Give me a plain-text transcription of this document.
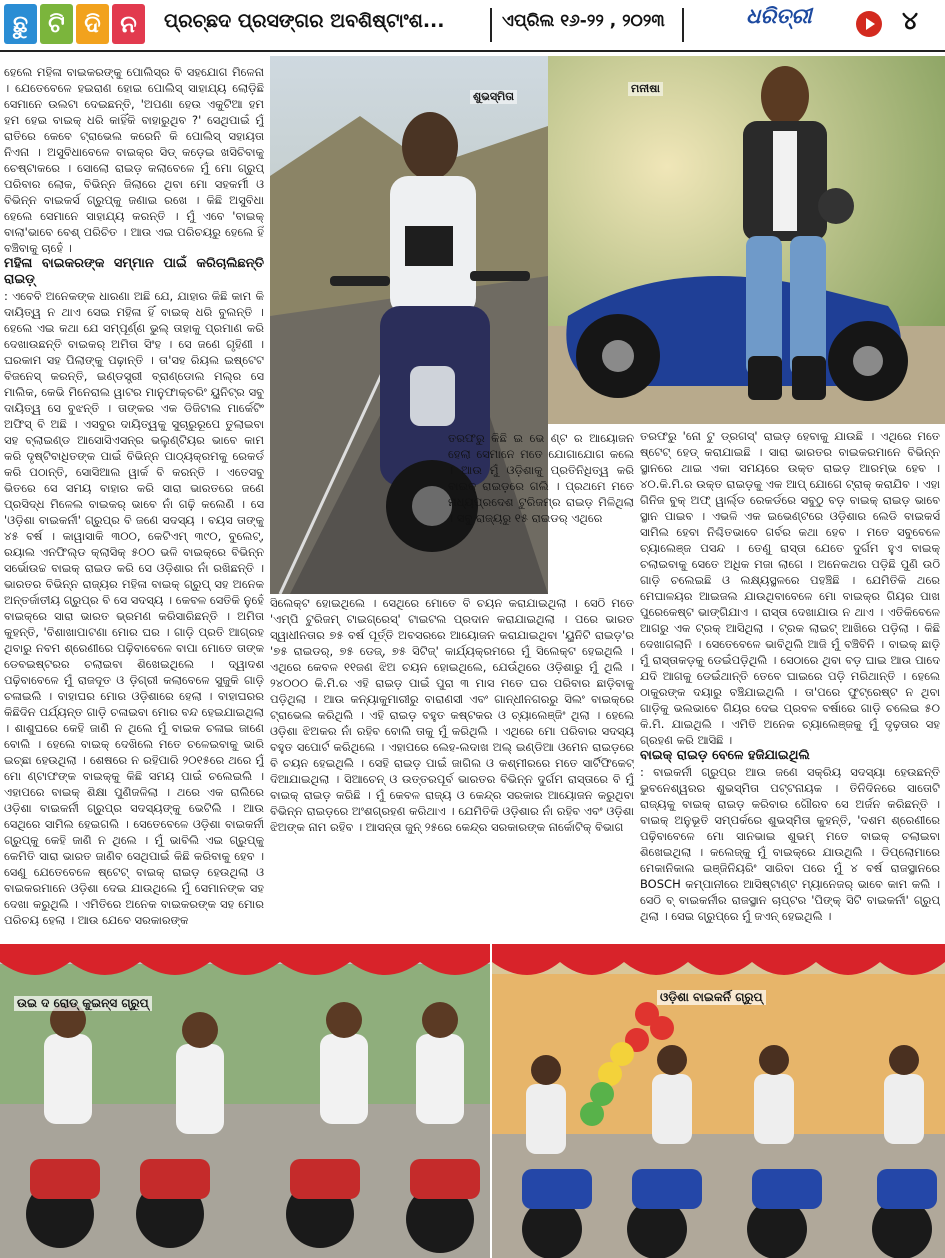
ଛୁ ଟି ଦି ନ	ପ୍ରଚ୍ଛଦ ପ୍ରସଙ୍ଗର ଅବଶିଷ୍ଟାଂଶ...	ଏପ୍ରିଲ ୧୬-୨୨ , ୨୦୨୩	ଧରିତ୍ରୀ	୪

ହେଲେ ମହିଳା ବାଇକରଙ୍କୁ ପୋଲିସ୍ର ବି ସହଯୋଗ ମିଳେନା । ଯେତେବେଳେ ହଇରାଣ ହୋଇ ପୋଲିସ୍ ସାହାଯ୍ୟ ଲୋଡ଼ିଛି ସେମାନେ ଉଲଟା ଦେଇଛନ୍ତି, 'ଅପଣା ହେଉ ଏକୁଟିଆ ହମ ହମ ହେଇ ବାଇକ୍ ଧରି କାହିଁକି ବାହାରୁଥିବ ?' ସେଥିପାଇଁ ମୁଁ ରାତିରେ କେବେ ଟ୍ରାଭେଲ କରେନି କି ପୋଲିସ୍ ସହାୟତା ନିଏନା । ଅସୁବିଧାବେଳେ ବାଇକ୍ର ସିଡ୍ କଡ଼େଇ ଖସିଚିବାକୁ ଚେଷ୍ଟାକରେ । ସୋଲୋ ରାଇଡ଼ କଲାବେଳେ ମୁଁ ମୋ ଗ୍ରୁପ୍ ପରିବାର ଲୋକ, ବିଭିନ୍ନ ଜିଲାରେ ଥିବା ମୋ ସହକର୍ମୀ ଓ ବିଭିନ୍ନ ବାଇକର୍ସ ଗ୍ରୁପ୍କୁ ଜଣାଇ ରଖେ । କିଛି ଅସୁବିଧା ହେଲେ ସେମାନେ ସାହାଯ୍ୟ କରନ୍ତି । ମୁଁ ଏବେ 'ବାଇକ୍ ବାଲା'ଭାବେ ବେଶ୍ ପରିଚିତ । ଆଉ ଏଇ ପରିଚୟରୁ ହେଲେ ହିଁ ବଞ୍ଚିବାକୁ ଚାହେଁ ।

ମହିଳା ବାଇକରଙ୍କ ସମ୍ମାନ ପାଇଁ କରିଚାଲିଛନ୍ତି ରାଇଡ଼୍

: ଏବେବି ଅନେକଙ୍କ ଧାରଣା ଅଛି ଯେ, ଯାହାର କିଛି କାମ କି ଦାୟିତ୍ୱ ନ ଥାଏ ସେଇ ମହିଳା ହିଁ ବାଇକ୍ ଧରି ବୁଲନ୍ତି । ହେଲେ ଏଇ କଥା ଯେ ସମ୍ପୂର୍ଣ୍ଣ ଭୁଲ୍ ତାହାକୁ ପ୍ରମାଣ କରି ଦେଖାଉଛନ୍ତି ବାଇକର୍ ଅମିତା ସିଂହ । ସେ ଜଣେ ଗୃହିଣୀ । ଘରକାମ ସହ ପିଲାଙ୍କୁ ପଢ଼ାନ୍ତି । ତା'ସହ ରିୟଲ ଇଷ୍ଟେଟ ବିଜନେସ୍ କରନ୍ତି, ଇଣ୍ଡସ୍ତ୍ରୀ ବ୍ରାଣ୍ଡୋଲ ମଲ୍ର ସେ ମାଲିକ, କେଭି ମିନେରାଲ ୱାଟର ମାନୁଫାକ୍ଚରିଂ ୟୁନିଟ୍ର ସବୁ ଦାୟିତ୍ୱ ସେ ବୁଝନ୍ତି । ତାଙ୍କର ଏକ ଡିଜିଟାଲ ମାର୍କେଟିଂ ଅଫିସ୍ ବି ଅଛି । ଏସବୁର ଦାୟିତ୍ୱକୁ ସୁଚାରୁରୂପେ ତୁଲାଇବା ସହ ବ୍ଲାଇଣ୍ଡ ଆସୋସିଏସନ୍ର ଭଲୁଣ୍ଟିୟର ଭାବେ କାମ କରି ଦୃଷ୍ଟିବାଧିତଙ୍କ ପାଇଁ ବିଭିନ୍ନ ପାଠ୍ୟକ୍ରମକୁ ରେକର୍ଡ କରି ପଠାନ୍ତି, ସୋସିଆଲ ୱାର୍କ ବି କରନ୍ତି । ଏତେସବୁ ଭିତରେ ସେ ସମୟ ବାହାର କରି ସାରା ଭାରତରେ ଜଣେ ପ୍ରସିଦ୍ଧ ମିଳେଲ ବାଇକର୍ ଭାବେ ନାଁ ଗଢ଼ି କଲେଣି । ସେ 'ଓଡ଼ିଶା ବାଇକର୍ନୀ' ଗ୍ରୁପ୍ର ବି ଜଣେ ସଦସ୍ୟ । ବୟସ ତାଙ୍କୁ ୪୫ ବର୍ଷ । କାୱାସାକି ୩୦୦, କେଟିଏମ୍ ୩୯୦, ବୁଲେଟ୍, ରୟାଲ ଏନଫିଲ୍ଡ କ୍ଲାସିକ୍ ୫୦୦ ଭଳି ବାଇକ୍ରେ ବିଭିନ୍ନ ସର୍ଭୋଉଚ୍ଚ ବାଇକ୍ ରାଇଡ କରି ସେ ଓଡ଼ିଶାର ନାଁ ରଖିଛନ୍ତି । ଭାରତର ବିଭିନ୍ନ ରାଜ୍ୟର ମହିଳା ବାଇକ୍ ଗ୍ରୁପ୍ ସହ ଅନେକ ଅନ୍ତର୍ଜାତୀୟ ଗ୍ରୁପ୍ର ବି ସେ ସଦସ୍ୟ । କେବଳ ସେତିକି ନୁହେଁ ବାଇକ୍ରେ ସାରା ଭାରତ ଭ୍ରମଣ କରିସାରିଛନ୍ତି । ଅମିତା କୁହନ୍ତି, 'ବିଶାଖାପାଟଣା ମୋର ଘର । ଗାଡ଼ି ପ୍ରତି ଆଗ୍ରହ ଥିବାରୁ ନବମ ଶ୍ରେଣୀରେ ପଢ଼ିବାବେଳେ ବାପା ମୋତେ ତାଙ୍କ ଡେବଇଷ୍ଟରର ଚଲାଇବା ଶିଖେଇଥିଲେ । ଦ୍ୱାଦଶ ପଢ଼ିବାବେଳେ ମୁଁ ରାଜଦୂତ ଓ ଡ଼ିଗ୍ରୀ କଲାବେଳେ ସୁଜୁକି ଗାଡ଼ି ଚଳାଇଲି । ବାହାଘର ମୋର ଓଡ଼ିଶାରେ ହେଲା । ବାହାଘରର କିଛିଦିନ ପର୍ଯ୍ୟନ୍ତ ଗାଡ଼ି ଚଳାଇବା ମୋର ବନ୍ଦ ହେଇଯାଇଥିଲା । ଶାଶୁଘରେ କେହି ଜାଣି ନ ଥିଲେ ମୁଁ ବାଇକ ଚଳାଇ ଜାଣେ ବୋଲି । ହେଲେ ବାଇକ୍ ଦେଖିଲେ ମତେ ଚଳେଇବାକୁ ଭାରି ଇଚ୍ଛା ହେଉଥିଲା । ଶେଷରେ ନ ରହିପାରି ୨୦୧୫ରେ ଥରେ ମୁଁ ମୋ ଣ୍ଟାଫଙ୍କ ବାଇକ୍କୁ କିଛି ସମୟ ପାଇଁ ଚଲେଇଲି । ଏହାପରେ ବାଇକ୍ ଶିକ୍ଷା ପୁଣିଜଳିଲା । ଥରେ ଏକ ରାଲିରେ ଓଡ଼ିଶା ବାଇକର୍ନୀ ଗ୍ରୁପ୍ର ସଦସ୍ୟଙ୍କୁ ଭେଟିଲି । ଆଉ ସେଥିରେ ସାମିଲ ହେଇଗଲି । ସେତେବେଳେ ଓଡ଼ିଶା ବାଇକର୍ନୀ ଗ୍ରୁପ୍କୁ କେହି ଜାଣି ନ ଥିଲେ । ମୁଁ ଭାବିଲି ଏଇ ଗ୍ରୁପ୍କୁ କେମିତି ସାରା ଭାରତ ଜାଣିବ ସେଥିପାଇଁ କିଛି କରିବାକୁ ହେବ । ସେଣୁ ଯେତେବେଳେ ଷ୍ଟେଟ୍ ବାଇକ୍ ରାଇଡ଼ ହେଉଥିଲା ଓ ବାଇକରମାନେ ଓଡ଼ିଶା ଦେଇ ଯାଉଥିଲେ ମୁଁ ସେମାନଙ୍କ ସହ ଦେଖା କରୁଥିଲି । ଏମିତିରେ ଅନେକ ବାଇକରଙ୍କ ସହ ମୋର ପରିଚୟ ହେଲା । ଆଉ ଯେବେ ସରକାରଙ୍କ

ଶୁଭସ୍ମିତା
ମନୀଷା

ତରଫରୁ କିଛି ଇ ଭେ ଣ୍ଟ ର ଆୟୋଜନ ହେଲା ସେମାନେ ମତେ ଯୋଗାଯୋଗ କଲେ । ଆଉ ମୁଁ ଓଡ଼ିଶାକୁ ପ୍ରତିନିଧିତ୍ୱ କରି ବାଇକ୍ ରାଇଡ଼ରେ ଗଲି । ପ୍ରଥମେ ମତେ ମଧ୍ୟପ୍ରଦେଶ ଟୁରିଜମ୍ର ରାଇଡ଼ ମିଳିଥିଲା । ସବୁ ରାଜ୍ୟରୁ ୧୫ ରାଇଡର୍ ଏଥିରେ

ସିଲେକ୍ଟ ହୋଇଥିଲେ । ସେଥିରେ ମୋତେ ବି ଚୟନ କରାଯାଇଥିଲା । ସେଠି ମତେ 'ଏମ୍ପି ଟୁରିଜମ୍ ଟାଇଗ୍ରେସ୍' ଟାଇଟଲ ପ୍ରଦାନ କରାଯାଇଥିଲା । ପରେ ଭାରତ ସ୍ୱାଧୀନତାର ୭୫ ବର୍ଷ ପୂର୍ତ୍ତି ଅବସରରେ ଆୟୋଜନ କରାଯାଇଥିବା 'ୟୁନିଟି ରାଇଡ଼'ର '୭୫ ରାଇଡର୍, ୭୫ ଡେଜ୍, ୭୫ ସିଟିଜ୍' କାର୍ଯ୍ୟକ୍ରମରେ ମୁଁ ସିଲେକ୍ଟ ହେଇଥିଲି । ଏଥିରେ କେବଳ ୧୧ଜଣ ଝିଅ ଚୟନ ହୋଇଥିଲେ, ଯେଉଁଥିରେ ଓଡ଼ିଶାରୁ ମୁଁ ଥିଲି । ୨୪୦୦୦ କି.ମି.ର ଏହି ରାଇଡ଼ ପାଇଁ ପୁରା ୩ ମାସ ମତେ ଘର ପରିବାର ଛାଡ଼ିବାକୁ ପଡ଼ିଥିଲା । ଆଉ କନ୍ୟାକୁମାରୀରୁ ବାରାଣସୀ ଏବଂ ଗାନ୍ଧୀନଗରରୁ ସିଲଂ ବାଇକ୍ରେ ଟ୍ରାଭେଲ କରିଥିଲି । ଏହି ରାଇଡ଼ ବହୁତ କଷ୍ଟକର ଓ ଚ୍ୟାଲେଞ୍ଜିଂ ଥିଲା । ହେଲେ ଓଡ଼ିଶା ଝିଅକର ନାଁ ରହିବ ବୋଲି ତାକୁ ମୁଁ କରିଥିଲି । ଏଥିରେ ମୋ ପରିବାର ସଦସ୍ୟ ବହୁତ ସପୋର୍ଟ କରିଥିଲେ । ଏହାପରେ ଲେହ-ଲଦାଖ ଅଲ୍ ଇଣ୍ଡିଆ ଓମେନ ରାଇଡ଼ରେ ବି ଚୟନ ହେଇଥିଲି । ସେହି ରାଇଡ଼ ପାଇଁ ଜାଗିଲ ଓ କଶ୍ମୀରରେ ମତେ ସାର୍ଟିଫିକେଟ୍ ଦିଆଯାଇଥିଲା । ସିଆଚେନ୍ ଓ ଉତ୍ତରପୂର୍ବ ଭାରତର ବିଭିନ୍ନ ଦୁର୍ଗମ ରାସ୍ତାରେ ବି ମୁଁ ବାଇକ୍ ରାଇଡ଼ କରିଛି । ମୁଁ କେବଳ ରାଜ୍ୟ ଓ କେନ୍ଦ୍ର ସରକାର ଆୟୋଜନ କରୁଥିବା ବିଭିନ୍ନ ରାଇଡ଼ରେ ଅଂଶଗ୍ରହଣ କରିଥାଏ । ଯେମିତିକି ଓଡ଼ିଶାର ନାଁ ରହିବ ଏବଂ ଓଡ଼ିଶା ଝିଅଙ୍କ ନାମ ରହିବ । ଆସନ୍ତା ଜୁନ୍ ୨୫ରେ କେନ୍ଦ୍ର ସରକାରଙ୍କ ନାର୍କୋଟିକ୍ ବିଭାଗ

ତରଫରୁ 'ନୋ ଟୁ ଡ୍ରଗସ୍' ରାଇଡ଼ ହେବାକୁ ଯାଉଛି । ଏଥିରେ ମତେ ଷ୍ଟେଟ୍ ହେଡ୍ କରାଯାଇଛି । ସାରା ଭାରତର ବାଇକରମାନେ ବିଭିନ୍ନ ସ୍ଥାନରେ ଥାଇ ଏକା ସମୟରେ ଉକ୍ତ ରାଇଡ଼ ଆରମ୍ଭ ହେବ । ୪୦.କି.ମି.ର ଉକ୍ତ ରାଇଡ଼କୁ ଏକ ଆପ୍ ଯୋଗେ ଟ୍ରାକ୍ କରାଯିବ । ଏହା ଗିନିଜ ବୁକ୍ ଅଫ୍ ୱାର୍ଲ୍ଡ ରେକର୍ଡରେ ସବୁଠୁ ବଡ଼ ବାଇକ୍ ରାଇଡ଼ ଭାବେ ସ୍ଥାନ ପାଇବ । ଏଭଳି ଏକ ଇଭେଣ୍ଟରେ ଓଡ଼ିଶାର ଲେଡି ବାଇକର୍ସ ସାମିଲ ହେବା ନିଶ୍ଚିତଭାବେ ଗର୍ବର କଥା ହେବ । ମତେ ସବୁବେଳେ ଚ୍ୟାଲେଞ୍ଜ ପସନ୍ଦ । ତେଣୁ ରାସ୍ତା ଯେତେ ଦୁର୍ଗମ ହୁଏ ବାଇକ୍ ଚଲାଇବାକୁ ସେତେ ଅଧିକ ମଜା ଲାଗେ । ଅନେକଥର ପଡ଼ିଛି ପୁଣି ଉଠି ଗାଡ଼ି ଚଲେଇଛି ଓ ଲକ୍ଷ୍ୟସ୍ଥଳରେ ପହଞ୍ଚିଛି । ଯେମିତିକି ଥରେ ମେଘାଳୟର ଆଇଜଲ ଯାଉଥିବାବେଳେ ମୋ ବାଇକ୍ର ଗିୟର ପାଖ ପୁରେକେଷ୍ଟ ଭାଙ୍ଗିଯାଏ । ରାସ୍ତା ଦେଖାଯାଉ ନ ଥାଏ । ଏତିକିବେଳେ ଆଗରୁ ଏକ ଟ୍ରକ୍ ଆସିଥିଲା । ଟ୍ରକ ଲାଇଟ୍ ଆଖିରେ ପଡ଼ିଲା । କିଛି ଦେଖାଗଲାନି । ସେତେବେଳେ ଭାବିଥିଲି ଆଜି ମୁଁ ବଞ୍ଚିବିନି । ବାଇକ୍ ଛାଡ଼ି ମୁଁ ରାସ୍ତାକଡ଼କୁ ଡେଇଁପଡ଼ିଥିଲି । ସେଠାରେ ଥିବା ବଡ଼ ଘାଇ ଆଉ ପାଦେ ଯଦି ଆଗକୁ ଡେଇଁଥାନ୍ତି ତେବେ ଘାଇରେ ପଡ଼ି ମରିଥାନ୍ତି । ହେଲେ ଠାକୁରଙ୍କ ଦୟାରୁ ବଞ୍ଚିଯାଇଥିଲି । ତା'ପରେ ଫୁଟ୍ରେଷ୍ଟ ନ ଥିବା ଗାଡ଼ିକୁ ଭଲଭାବେ ଗିୟର ଦେଇ ପ୍ରବଳ ବର୍ଷାରେ ଗାଡ଼ି ଚଲେଇ ୫୦ କି.ମି. ଯାଇଥିଲି । ଏମିତି ଅନେକ ଚ୍ୟାଲେଞ୍ଜକୁ ମୁଁ ଦୃଢ଼ତାର ସହ ଗ୍ରହଣ କରି ଆସିଛି ।

ବାଇକ୍ ରାଇଡ଼ ବେଳେ ହଜିଯାଇଥିଲି

: ବାଇକର୍ନୀ ଗ୍ରୁପ୍ର ଆଉ ଜଣେ ସକ୍ରିୟ ସଦସ୍ୟା ହେଉଛନ୍ତି ଭୁବନେଶ୍ୱରର ଶୁଭସ୍ମିତା ପଟ୍ଟନାୟକ । ତିନିଦିନରେ ସାତୋଟି ରାଜ୍ୟକୁ ବାଇକ୍ ରାଇଡ଼ କରିବାର ଗୌରବ ସେ ଅର୍ଜନ କରିଛନ୍ତି । ବାଇକ୍ ଅନୁଭୂତି ସମ୍ପର୍କରେ ଶୁଭସ୍ମିତା କୁହନ୍ତି, 'ଦଶମ ଶ୍ରେଣୀରେ ପଢ଼ିବାବେଳେ ମୋ ସାନଭାଇ ଶୁଭମ୍ ମତେ ବାଇକ୍ ଚଲାଇବା ଶିଖେଇଥିଲା । କଲେଜ୍କୁ ମୁଁ ବାଇକ୍ରେ ଯାଉଥିଲି । ଡିପ୍ଲୋମାରେ ମେକାନିକାଲ ଇଞ୍ଜିନିୟରିଂ ସାରିବା ପରେ ମୁଁ ୪ ବର୍ଷ ରାଜସ୍ଥାନରେ BOSCH କମ୍ପାନୀରେ ଆସିଷ୍ଟାଣ୍ଟ ମ୍ୟାନେଜର୍ ଭାବେ କାମ କଲି । ସେଠି ବ୍ ବାଇକର୍ନୀର ରାଜସ୍ଥାନ ଚାପ୍ଟର 'ପିଙ୍କ୍ ସିଟି ବାଇକର୍ନୀ' ଗ୍ରୁପ୍ ଥିଲା । ସେଇ ଗ୍ରୁପ୍ରେ ମୁଁ ଜଏନ୍ ହେଇଥିଲି ।

ଉଇ ଦ ରୋଡ୍ କୁଇନ୍ସ ଗ୍ରୁପ୍	ଓଡ଼ିଶା ବାଇକର୍ନି ଗ୍ରୁପ୍
